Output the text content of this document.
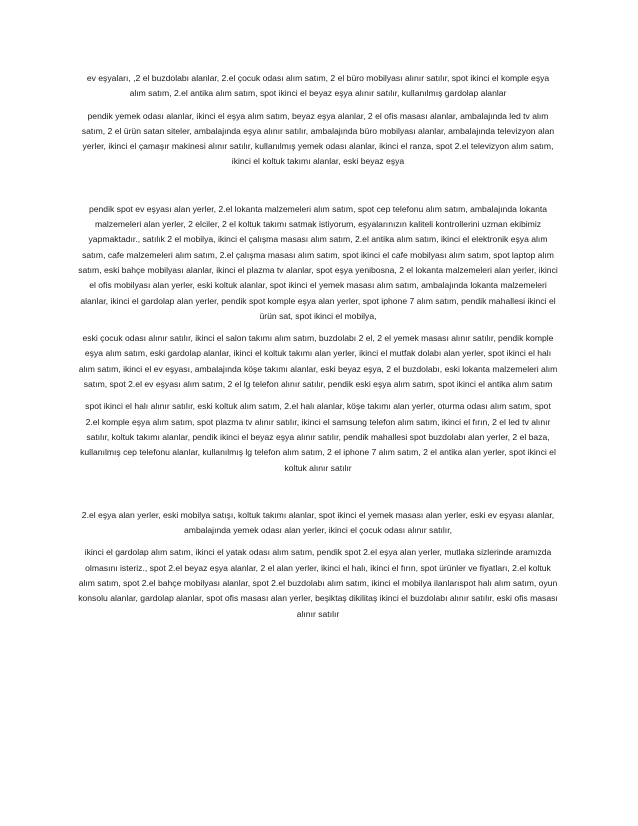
ev eşyaları, ,2 el buzdolabı alanlar, 2.el çocuk odası alım satım, 2 el büro mobilyası alınır satılır, spot ikinci el komple eşya alım satım, 2.el antika alım satım, spot ikinci el beyaz eşya alınır satılır, kullanılmış gardolap alanlar

pendik yemek odası alanlar, ikinci el eşya alım satım, beyaz eşya alanlar, 2 el ofis masası alanlar, ambalajında led tv alım satım, 2 el ürün satan siteler, ambalajında eşya alınır satılır, ambalajında büro mobilyası alanlar, ambalajında televizyon alan yerler, ikinci el çamaşır makinesi alınır satılır, kullanılmış yemek odası alanlar, ikinci el ranza, spot 2.el televizyon alım satım, ikinci el koltuk takımı alanlar, eski beyaz eşya

pendik spot ev eşyası alan yerler, 2.el lokanta malzemeleri alım satım, spot cep telefonu alım satım, ambalajında lokanta malzemeleri alan yerler, 2 elciler, 2 el koltuk takımı satmak istiyorum, eşyalarınızın kaliteli kontrollerini uzman ekibimiz yapmaktadır., satılık 2 el mobilya, ikinci el çalışma masası alım satım, 2.el antika alım satım, ikinci el elektronik eşya alım satım, cafe malzemeleri alım satım, 2.el çalışma masası alım satım, spot ikinci el cafe mobilyası alım satım, spot laptop alım satım, eski bahçe mobilyası alanlar, ikinci el plazma tv alanlar, spot eşya yenibosna, 2 el lokanta malzemeleri alan yerler, ikinci el ofis mobilyası alan yerler, eski koltuk alanlar, spot ikinci el yemek masası alım satım, ambalajında lokanta malzemeleri alanlar, ikinci el gardolap alan yerler, pendik spot komple eşya alan yerler, spot iphone 7 alım satım, pendik mahallesi ikinci el ürün sat, spot ikinci el mobilya,

eski çocuk odası alınır satılır, ikinci el salon takımı alım satım, buzdolabı 2 el, 2 el yemek masası alınır satılır, pendik komple eşya alım satım, eski gardolap alanlar, ikinci el koltuk takımı alan yerler, ikinci el mutfak dolabı alan yerler, spot ikinci el halı alım satım, ikinci el ev eşyası, ambalajında köşe takımı alanlar, eski beyaz eşya, 2 el buzdolabı, eski lokanta malzemeleri alım satım, spot 2.el ev eşyası alım satım, 2 el lg telefon alınır satılır, pendik eski eşya alım satım, spot ikinci el antika alım satım

spot ikinci el halı alınır satılır, eski koltuk alım satım, 2.el halı alanlar, köşe takımı alan yerler, oturma odası alım satım, spot 2.el komple eşya alım satım, spot plazma tv alınır satılır, ikinci el samsung telefon alım satım, ikinci el fırın, 2 el led tv alınır satılır, koltuk takımı alanlar, pendik ikinci el beyaz eşya alınır satılır, pendik mahallesi spot buzdolabı alan yerler, 2 el baza, kullanılmış cep telefonu alanlar, kullanılmış lg telefon alım satım, 2 el iphone 7 alım satım, 2 el antika alan yerler, spot ikinci el koltuk alınır satılır

2.el eşya alan yerler, eski mobilya satışı, koltuk takımı alanlar, spot ikinci el yemek masası alan yerler, eski ev eşyası alanlar, ambalajında yemek odası alan yerler, ikinci el çocuk odası alınır satılır,

ikinci el gardolap alım satım, ikinci el yatak odası alım satım, pendik spot 2.el eşya alan yerler, mutlaka sizlerinde aramızda olmasını isteriz., spot 2.el beyaz eşya alanlar, 2 el alan yerler, ikinci el halı, ikinci el fırın, spot ürünler ve fiyatları, 2.el koltuk alım satım, spot 2.el bahçe mobilyası alanlar, spot 2.el buzdolabı alım satım, ikinci el mobilya ilanlarıspot halı alım satım, oyun konsolu alanlar, gardolap alanlar, spot ofis masası alan yerler, beşiktaş dikilitaş ikinci el buzdolabı alınır satılır, eski ofis masası alınır satılır
